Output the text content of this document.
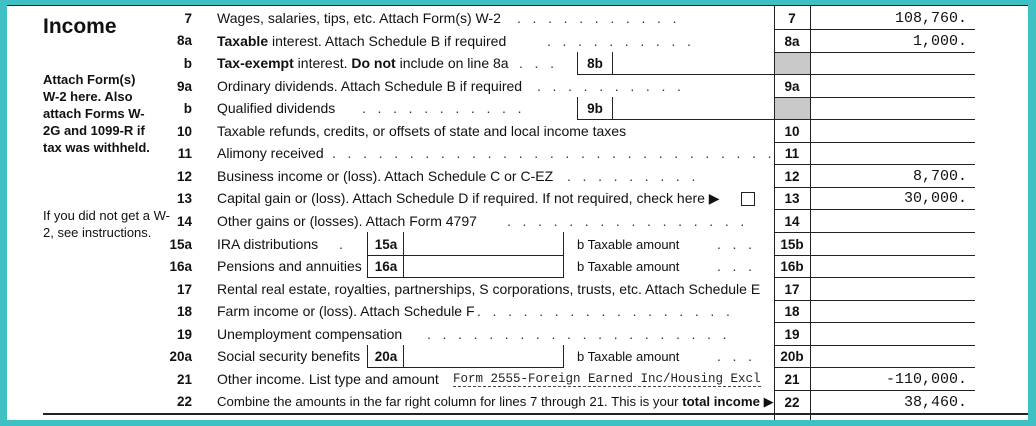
Income
Attach Form(s) W-2 here. Also attach Forms W-2G and 1099-R if tax was withheld.
If you did not get a W-2, see instructions.
7 Wages, salaries, tips, etc. Attach Form(s) W-2 .   .   .   .   .   .   .   .   .   .   .	7	108,760.
8a Taxable interest. Attach Schedule B if required	.   .   .   .   .   .   .   .   .   .	8a	1,000.
b Tax-exempt interest. Do not include on line 8a .   .   .	8b
9a Ordinary dividends. Attach Schedule B if required .   .   .   .   .   .   .   .   .   .	9a
b Qualified dividends .   .   .   .   .   .   .   .   .   .   .	9b
10 Taxable refunds, credits, or offsets of state and local income taxes	10
11 Alimony received .   .   .   .   .   .   .   .   .   .   .   .   .   .   .   .   .   .   .   .   .   .   .   .   .   .   .   .   . 11
12 Business income or (loss). Attach Schedule C or C-EZ .   .   .   .   .   .   .   .   .	12	8,700.
13 Capital gain or (loss). Attach Schedule D if required. If not required, check here ▶	13	30,000.
14 Other gains or (losses). Attach Form 4797 .   .   .   .   .   .   .   .   .   .   .   .   .   .   .   .	14
15a IRA distributions .	15a	b Taxable amount	.   .   .	15b
16a Pensions and annuities 16a	b Taxable amount	.   .   .	16b
17 Rental real estate, royalties, partnerships, S corporations, trusts, etc. Attach Schedule E	17
18 Farm income or (loss). Attach Schedule F .   .   .   .   .   .   .   .   .   .   .   .   .   .   .   .   .	18
19 Unemployment compensation .   .   .   .   .   .   .   .   .   .   .   .   .   .   .   .   .   .   .   .	19
20a Social security benefits	20a	b Taxable amount	.   .   .	20b
21 Other income. List type and amount Form 2555-Foreign Earned Inc/Housing Excl	21	-110,000.
22 Combine the amounts in the far right column for lines 7 through 21. This is your total income ▶ 22	38,460.
